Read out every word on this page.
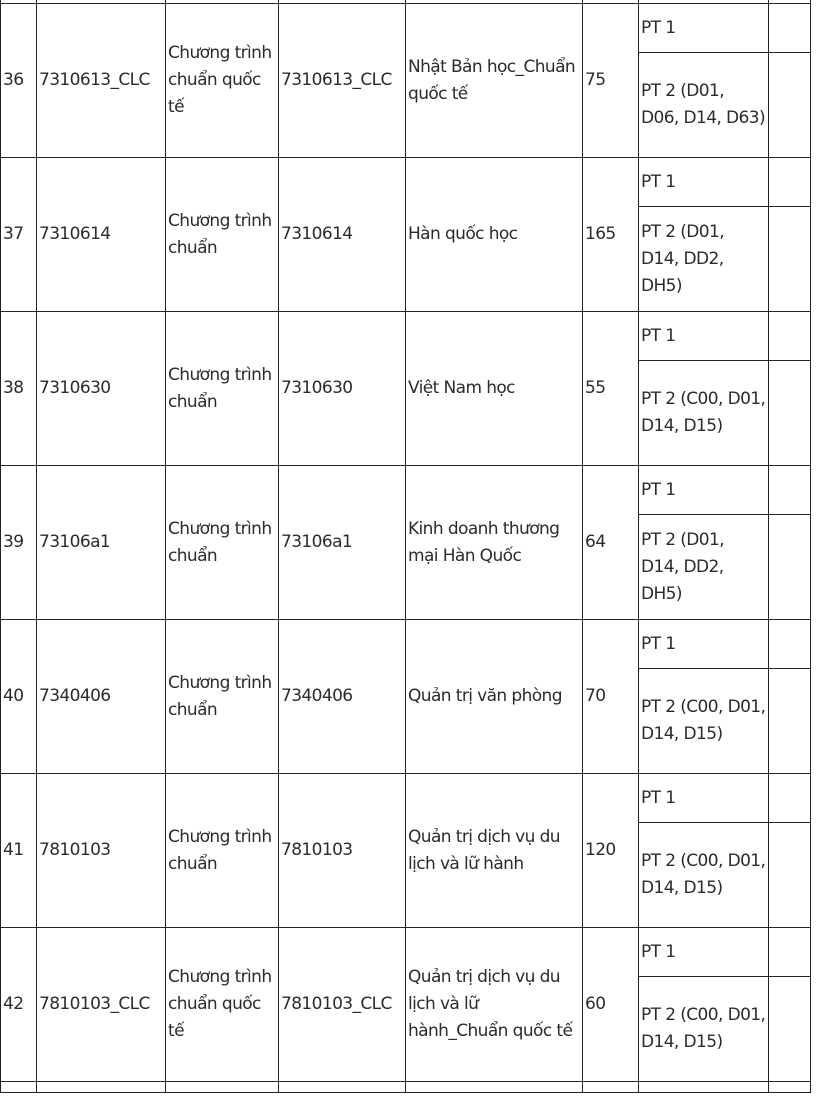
36	7310613_CLC	Chương trình chuẩn quốc tế	7310613_CLC	Nhật Bản học_Chuẩn quốc tế	75	PT 1	
						PT 2 (D01, D06, D14, D63)	
37	7310614	Chương trình chuẩn	7310614	Hàn quốc học	165	PT 1	
						PT 2 (D01, D14, DD2, DH5)	
38	7310630	Chương trình chuẩn	7310630	Việt Nam học	55	PT 1	
						PT 2 (C00, D01, D14, D15)	
39	73106a1	Chương trình chuẩn	73106a1	Kinh doanh thương mại Hàn Quốc	64	PT 1	
						PT 2 (D01, D14, DD2, DH5)	
40	7340406	Chương trình chuẩn	7340406	Quản trị văn phòng	70	PT 1	
						PT 2 (C00, D01, D14, D15)	
41	7810103	Chương trình chuẩn	7810103	Quản trị dịch vụ du lịch và lữ hành	120	PT 1	
						PT 2 (C00, D01, D14, D15)	
42	7810103_CLC	Chương trình chuẩn quốc tế	7810103_CLC	Quản trị dịch vụ du lịch và lữ hành_Chuẩn quốc tế	60	PT 1	
						PT 2 (C00, D01, D14, D15)	
